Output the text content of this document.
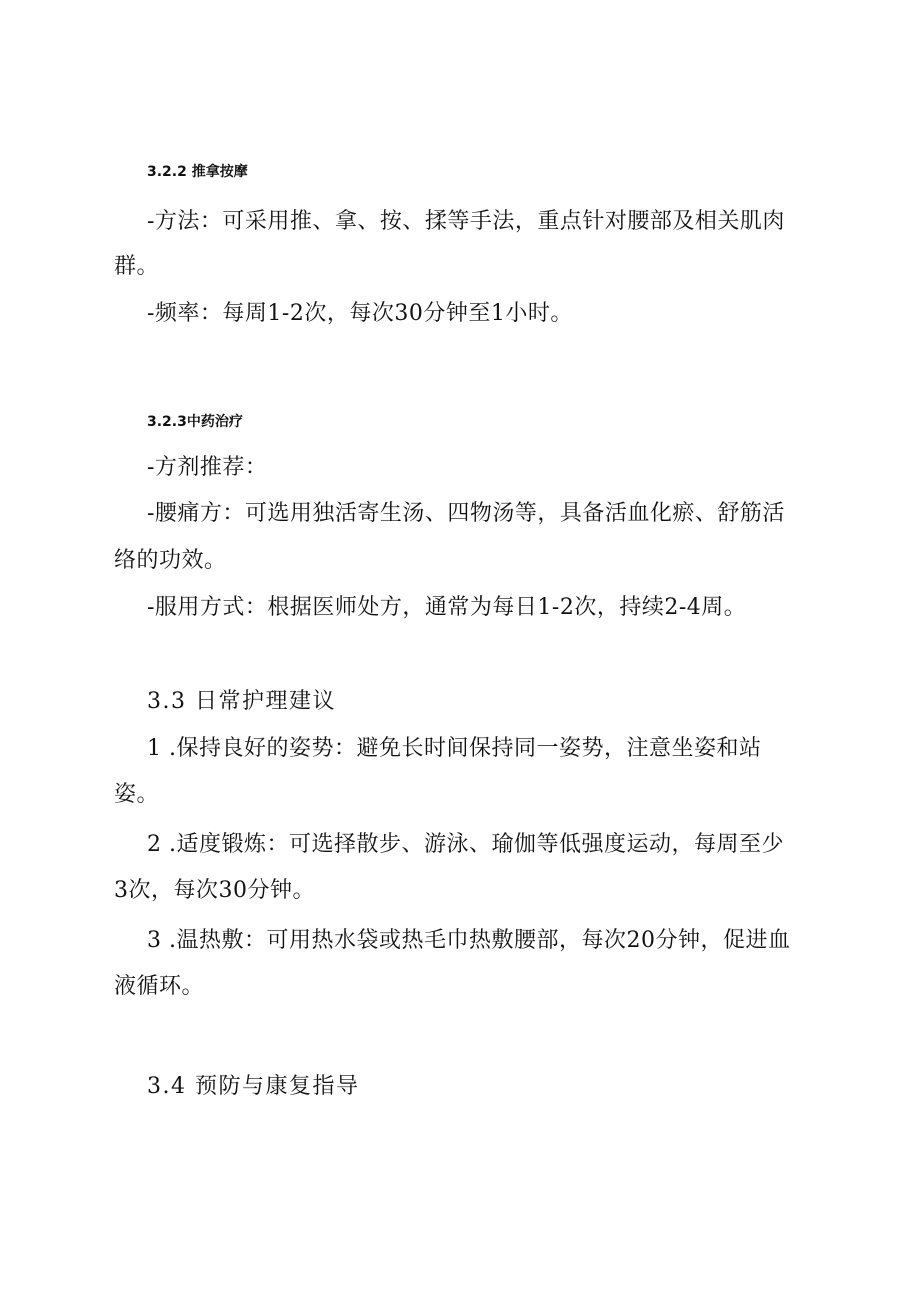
3.2.2 推拿按摩
-方法：可采用推、拿、按、揉等手法，重点针对腰部及相关肌肉
群。
-频率：每周1-2次，每次30分钟至1小时。
3.2.3中药治疗
-方剂推荐：
-腰痛方：可选用独活寄生汤、四物汤等，具备活血化瘀、舒筋活
络的功效。
-服用方式：根据医师处方，通常为每日1-2次，持续2-4周。
3.3 日常护理建议
1 .保持良好的姿势：避免长时间保持同一姿势，注意坐姿和站
姿。
2 .适度锻炼：可选择散步、游泳、瑜伽等低强度运动，每周至少
3次，每次30分钟。
3 .温热敷：可用热水袋或热毛巾热敷腰部，每次20分钟，促进血
液循环。
3.4 预防与康复指导
